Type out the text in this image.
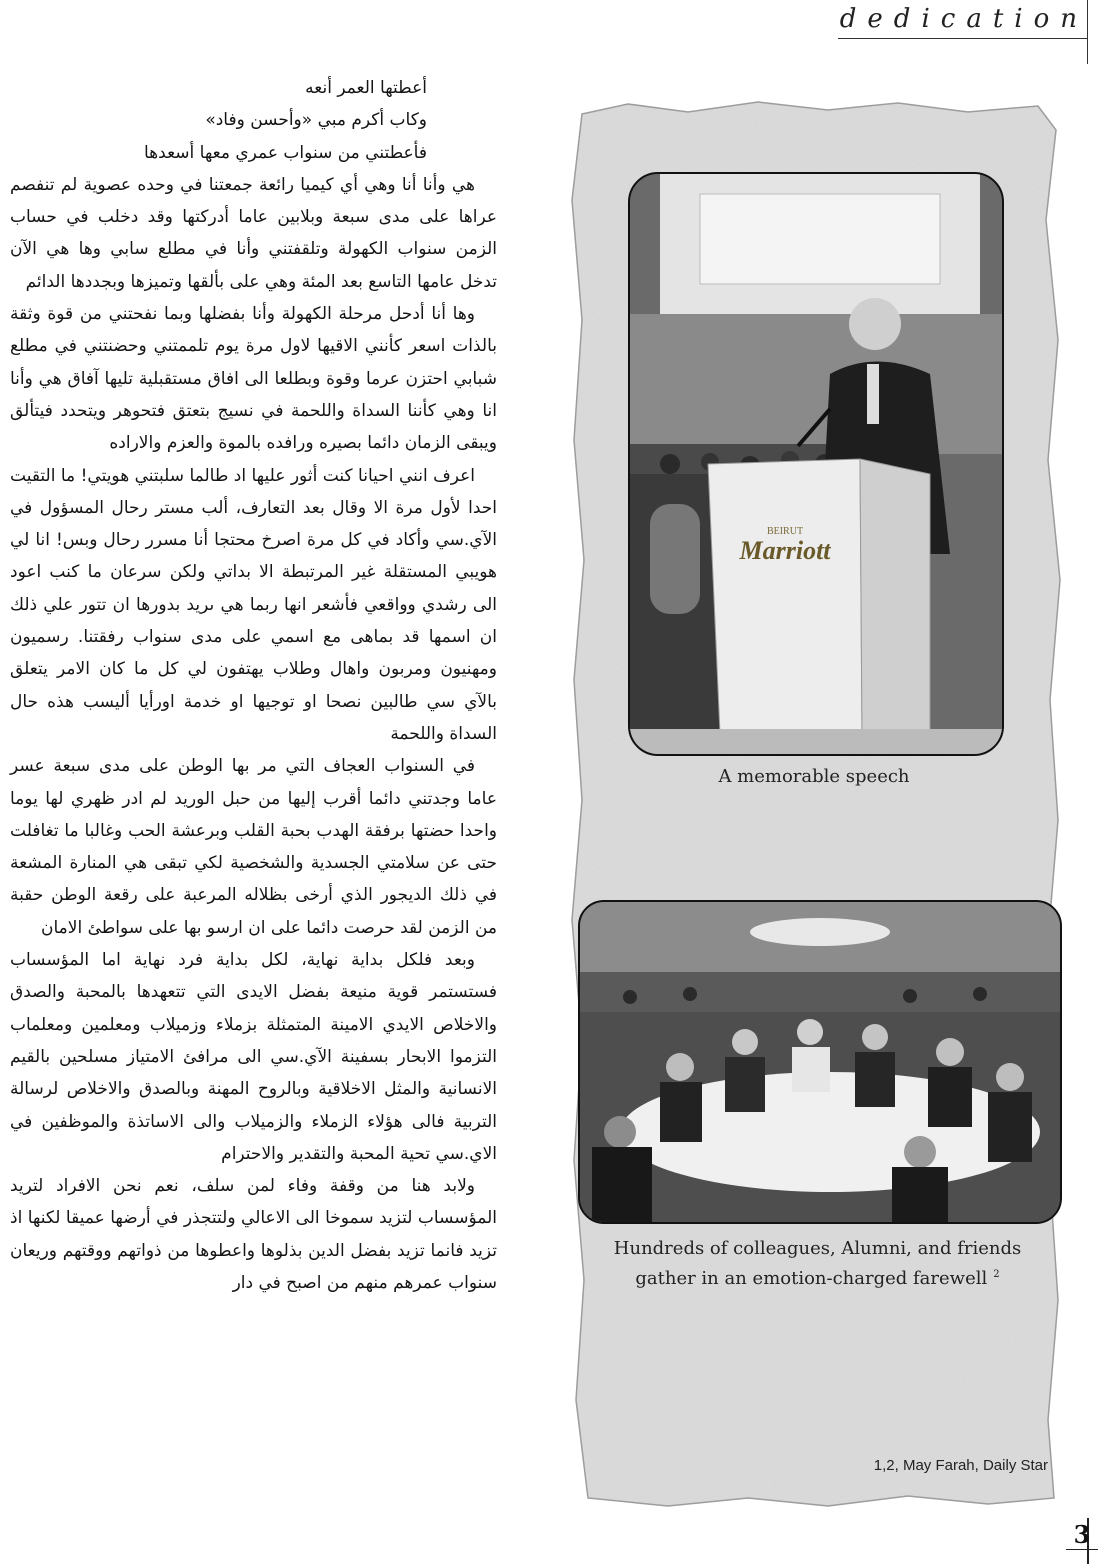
dedication

أعطتها العمر أنعه

وكاب أكرم مبي «وأحسن وفاد»

فأعطتني من سنواب عمري معها أسعدها

هي وأنا أنا وهي أي كيميا رائعة جمعتنا في وحده عصوية لم تنفصم عراها على مدى سبعة وبلابين عاما أدركتها وقد دخلب في حساب الزمن سنواب الكهولة وتلقفتني وأنا في مطلع سابي وها هي الآن تدخل عامها التاسع بعد المئة وهي على بألقها وتميزها وبجددها الدائم

وها أنا أدحل مرحلة الكهولة وأنا بفضلها وبما نفحتني من قوة وثقة بالذات اسعر كأنني الاقيها لاول مرة يوم تلممتني وحضنتني في مطلع شبابي احتزن عرما وقوة وبطلعا الى افاق مستقبلية تليها آفاق هي وأنا انا وهي كأننا السداة واللحمة في نسيج بتعتق فتحوهر ويتحدد فيتألق ويبقى الزمان دائما بصيره ورافده بالموة والعزم والاراده

اعرف انني احيانا كنت أثور عليها اد طالما سلبتني هويتي! ما التقيت احدا لأول مرة الا وقال بعد التعارف، ألب مستر رحال المسؤول في الآي.سي وأكاد في كل مرة اصرخ محتجا أنا مسرر رحال وبس! انا لي هويبي المستقلة غير المرتبطة الا بداتي ولكن سرعان ما كنب اعود الى رشدي وواقعي فأشعر انها ربما هي ىريد بدورها ان تتور علي ذلك ان اسمها قد بماهى مع اسمي على مدى سنواب رفقتنا. رسميون ومهنيون ومربون واهال وطلاب يهتفون لي كل ما كان الامر يتعلق بالآي سي طالبين نصحا او توجيها او خدمة اورأيا أليسب هذه حال السداة واللحمة

في السنواب العجاف التي مر بها الوطن على مدى سبعة عسر عاما وجدتني دائما أقرب إليها من حبل الوريد لم ادر ظهري لها يوما واحدا حضتها برفقة الهدب بحبة القلب وبرعشة الحب وغالبا ما تغافلت حتى عن سلامتي الجسدية والشخصية لكي تبقى هي المنارة المشعة في ذلك الديجور الذي أرخى بظلاله المرعبة على رقعة الوطن حقبة من الزمن لقد حرصت دائما على ان ارسو بها على سواطئ الامان

وبعد فلكل بداية نهاية، لكل بداية فرد نهاية اما المؤسساب فستستمر قوية منيعة بفضل الايدى التي تتعهدها بالمحبة والصدق والاخلاص الايدي الامينة المتمثلة بزملاء وزميلاب ومعلمين ومعلماب التزموا الابحار بسفينة الآي.سي الى مرافئ الامتياز مسلحين بالقيم الانسانية والمثل الاخلاقية وبالروح المهنة وبالصدق والاخلاص لرسالة التربية فالى هؤلاء الزملاء والزميلاب والى الاساتذة والموظفين في الاي.سي تحية المحبة والتقدير والاحترام

ولابد هنا من وقفة وفاء لمن سلف، نعم نحن الافراد لتريد المؤسساب لتزيد سموخا الى الاعالي ولتتجذر في أرضها عميقا لكنها اذ تزيد فانما تزيد بفضل الدين بذلوها واعطوها من ذواتهم ووقتهم وريعان سنواب عمرهم منهم من اصبح في دار

BEIRUT
Marriott
A memorable speech
Hundreds of colleagues, Alumni, and friends
gather in an emotion-charged farewell $^2$
1,2, May Farah, Daily Star
3
